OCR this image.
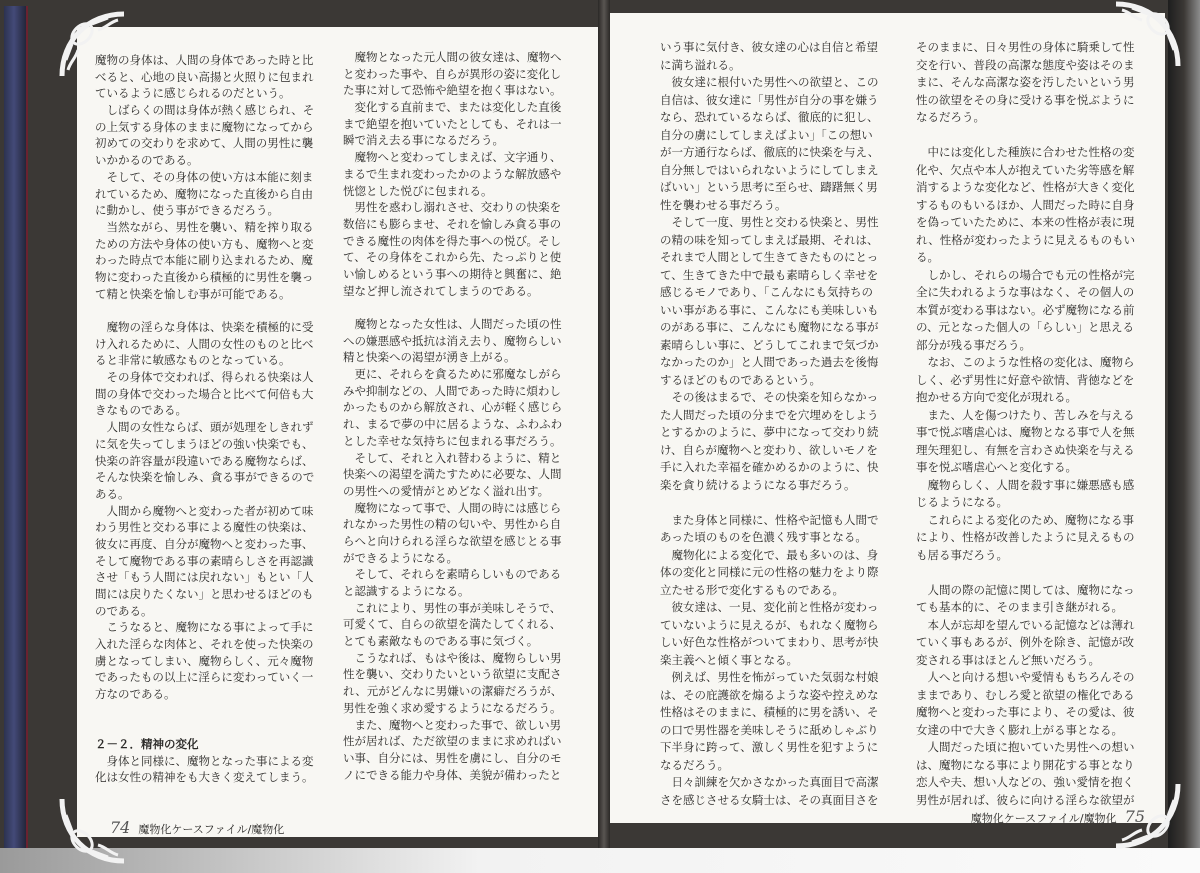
魔物の身体は、人間の身体であった時と比
べると、心地の良い高揚と火照りに包まれ
ているように感じられるのだという。
　しばらくの間は身体が熱く感じられ、そ
の上気する身体のままに魔物になってから
初めての交わりを求めて、人間の男性に襲
いかかるのである。
　そして、その身体の使い方は本能に刻ま
れているため、魔物になった直後から自由
に動かし、使う事ができるだろう。
　当然ながら、男性を襲い、精を搾り取る
ための方法や身体の使い方も、魔物へと変
わった時点で本能に刷り込まれるため、魔
物に変わった直後から積極的に男性を襲っ
て精と快楽を愉しむ事が可能である。
　魔物の淫らな身体は、快楽を積極的に受
け入れるために、人間の女性のものと比べ
ると非常に敏感なものとなっている。
　その身体で交われば、得られる快楽は人
間の身体で交わった場合と比べて何倍も大
きなものである。
　人間の女性ならば、頭が処理をしきれず
に気を失ってしまうほどの強い快楽でも、
快楽の許容量が段違いである魔物ならば、
そんな快楽を愉しみ、貪る事ができるので
ある。
　人間から魔物へと変わった者が初めて味
わう男性と交わる事による魔性の快楽は、
彼女に再度、自分が魔物へと変わった事、
そして魔物である事の素晴らしさを再認識
させ「もう人間には戻れない」もとい「人
間には戻りたくない」と思わせるほどのも
のである。
　こうなると、魔物になる事によって手に
入れた淫らな肉体と、それを使った快楽の
虜となってしまい、魔物らしく、元々魔物
であったもの以上に淫らに変わっていく一
方なのである。
２－２．精神の変化
　身体と同様に、魔物となった事による変
化は女性の精神をも大きく変えてしまう。
　魔物となった元人間の彼女達は、魔物へ
と変わった事や、自らが異形の姿に変化し
た事に対して恐怖や絶望を抱く事はない。
　変化する直前まで、または変化した直後
まで絶望を抱いていたとしても、それは一
瞬で消え去る事になるだろう。
　魔物へと変わってしまえば、文字通り、
まるで生まれ変わったかのような解放感や
恍惚とした悦びに包まれる。
　男性を惑わし溺れさせ、交わりの快楽を
数倍にも膨らませ、それを愉しみ貪る事の
できる魔性の肉体を得た事への悦び。そし
て、その身体をこれから先、たっぷりと使
い愉しめるという事への期待と興奮に、絶
望など押し流されてしまうのである。
　魔物となった女性は、人間だった頃の性
への嫌悪感や抵抗は消え去り、魔物らしい
精と快楽への渇望が湧き上がる。
　更に、それらを貪るために邪魔なしがら
みや抑制などの、人間であった時に煩わし
かったものから解放され、心が軽く感じら
れ、まるで夢の中に居るような、ふわふわ
とした幸せな気持ちに包まれる事だろう。
　そして、それと入れ替わるように、精と
快楽への渇望を満たすために必要な、人間
の男性への愛情がとめどなく溢れ出す。
　魔物になって事で、人間の時には感じら
れなかった男性の精の匂いや、男性から自
らへと向けられる淫らな欲望を感じとる事
ができるようになる。
　そして、それらを素晴らしいものである
と認識するようになる。
　これにより、男性の事が美味しそうで、
可愛くて、自らの欲望を満たしてくれる、
とても素敵なものである事に気づく。
　こうなれば、もはや後は、魔物らしい男
性を襲い、交わりたいという欲望に支配さ
れ、元がどんなに男嫌いの潔癖だろうが、
男性を強く求め愛するようになるだろう。
　また、魔物へと変わった事で、欲しい男
性が居れば、ただ欲望のままに求めればい
い事、自分には、男性を虜にし、自分のモ
ノにできる能力や身体、美貌が備わったと
74 魔物化ケースファイル/魔物化
いう事に気付き、彼女達の心は自信と希望
に満ち溢れる。
　彼女達に根付いた男性への欲望と、この
自信は、彼女達に「男性が自分の事を嫌う
なら、恐れているならば、徹底的に犯し、
自分の虜にしてしまえばよい」「この想い
が一方通行ならば、徹底的に快楽を与え、
自分無しではいられないようにしてしまえ
ばいい」という思考に至らせ、躊躇無く男
性を襲わせる事だろう。
　そして一度、男性と交わる快楽と、男性
の精の味を知ってしまえば最期、それは、
それまで人間として生きてきたものにとっ
て、生きてきた中で最も素晴らしく幸せを
感じるモノであり、「こんなにも気持ちの
いい事がある事に、こんなにも美味しいも
のがある事に、こんなにも魔物になる事が
素晴らしい事に、どうしてこれまで気づか
なかったのか」と人間であった過去を後悔
するほどのものであるという。
　その後はまるで、その快楽を知らなかっ
た人間だった頃の分までを穴埋めをしよう
とするかのように、夢中になって交わり続
け、自らが魔物へと変わり、欲しいモノを
手に入れた幸福を確かめるかのように、快
楽を貪り続けるようになる事だろう。
　また身体と同様に、性格や記憶も人間で
あった頃のものを色濃く残す事となる。
　魔物化による変化で、最も多いのは、身
体の変化と同様に元の性格の魅力をより際
立たせる形で変化するものである。
　彼女達は、一見、変化前と性格が変わっ
ていないように見えるが、もれなく魔物ら
しい好色な性格がついてまわり、思考が快
楽主義へと傾く事となる。
　例えば、男性を怖がっていた気弱な村娘
は、その庇護欲を煽るような姿や控えめな
性格はそのままに、積極的に男を誘い、そ
の口で男性器を美味しそうに舐めしゃぶり
下半身に跨って、激しく男性を犯すように
なるだろう。
　日々訓練を欠かさなかった真面目で高潔
さを感じさせる女騎士は、その真面目さを
そのままに、日々男性の身体に騎乗して性
交を行い、普段の高潔な態度や姿はそのま
まに、そんな高潔な姿を汚したいという男
性の欲望をその身に受ける事を悦ぶように
なるだろう。
　中には変化した種族に合わせた性格の変
化や、欠点や本人が抱えていた劣等感を解
消するような変化など、性格が大きく変化
するものもいるほか、人間だった時に自身
を偽っていたために、本来の性格が表に現
れ、性格が変わったように見えるものもい
る。
　しかし、それらの場合でも元の性格が完
全に失われるような事はなく、その個人の
本質が変わる事はない。必ず魔物になる前
の、元となった個人の「らしい」と思える
部分が残る事だろう。
　なお、このような性格の変化は、魔物ら
しく、必ず男性に好意や欲情、背徳などを
抱かせる方向で変化が現れる。
　また、人を傷つけたり、苦しみを与える
事で悦ぶ嗜虐心は、魔物となる事で人を無
理矢理犯し、有無を言わさぬ快楽を与える
事を悦ぶ嗜虐心へと変化する。
　魔物らしく、人間を殺す事に嫌悪感も感
じるようになる。
　これらによる変化のため、魔物になる事
により、性格が改善したように見えるもの
も居る事だろう。
　人間の際の記憶に関しては、魔物になっ
ても基本的に、そのまま引き継がれる。
　本人が忘却を望んでいる記憶などは薄れ
ていく事もあるが、例外を除き、記憶が改
変される事はほとんど無いだろう。
　人へと向ける想いや愛情ももちろんその
ままであり、むしろ愛と欲望の権化である
魔物へと変わった事により、その愛は、彼
女達の中で大きく膨れ上がる事となる。
　人間だった頃に抱いていた男性への想い
は、魔物になる事により開花する事となり
恋人や夫、想い人などの、強い愛情を抱く
男性が居れば、彼らに向ける淫らな欲望が
魔物化ケースファイル/魔物化 75
